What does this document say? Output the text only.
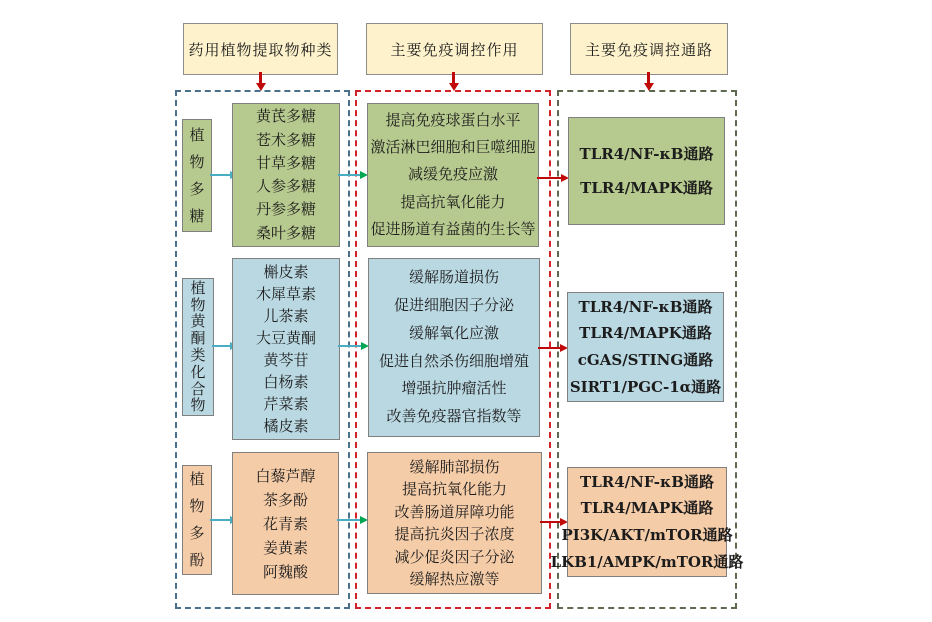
药用植物提取物种类	主要免疫调控作用	主要免疫调控通路
植物多糖
黄芪多糖
苍术多糖
甘草多糖
人参多糖
丹参多糖
桑叶多糖
提高免疫球蛋白水平
激活淋巴细胞和巨噬细胞
减缓免疫应激
提高抗氧化能力
促进肠道有益菌的生长等
TLR4/NF-κB通路
TLR4/MAPK通路
植物黄酮类化合物
槲皮素
木犀草素
儿茶素
大豆黄酮
黄芩苷
白杨素
芹菜素
橘皮素
缓解肠道损伤
促进细胞因子分泌
缓解氧化应激
促进自然杀伤细胞增殖
增强抗肿瘤活性
改善免疫器官指数等
TLR4/NF-κB通路
TLR4/MAPK通路
cGAS/STING通路
SIRT1/PGC-1α通路
植物多酚
白藜芦醇
茶多酚
花青素
姜黄素
阿魏酸
缓解肺部损伤
提高抗氧化能力
改善肠道屏障功能
提高抗炎因子浓度
减少促炎因子分泌
缓解热应激等
TLR4/NF-κB通路
TLR4/MAPK通路
PI3K/AKT/mTOR通路
LKB1/AMPK/mTOR通路
